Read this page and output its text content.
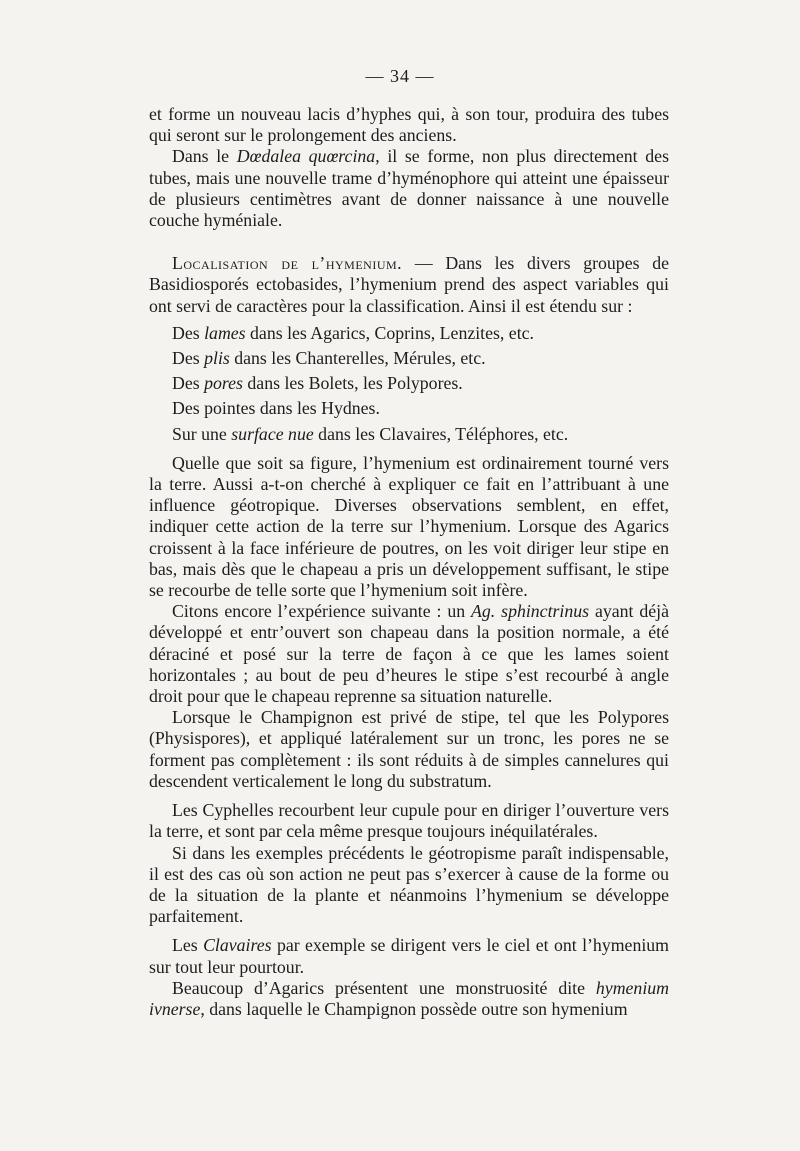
— 34 —

et forme un nouveau lacis d’hyphes qui, à son tour, produira des tubes qui seront sur le prolongement des anciens.

Dans le Dœdalea quœrcina, il se forme, non plus directement des tubes, mais une nouvelle trame d’hyménophore qui atteint une épaisseur de plusieurs centimètres avant de donner naissance à une nouvelle couche hyméniale.

Localisation de l’hymenium. — Dans les divers groupes de Basidiosporés ectobasides, l’hymenium prend des aspect variables qui ont servi de caractères pour la classification. Ainsi il est étendu sur :

Des lames dans les Agarics, Coprins, Lenzites, etc.

Des plis dans les Chanterelles, Mérules, etc.

Des pores dans les Bolets, les Polypores.

Des pointes dans les Hydnes.

Sur une surface nue dans les Clavaires, Téléphores, etc.

Quelle que soit sa figure, l’hymenium est ordinairement tourné vers la terre. Aussi a-t-on cherché à expliquer ce fait en l’attribuant à une influence géotropique. Diverses observations semblent, en effet, indiquer cette action de la terre sur l’hymenium. Lorsque des Agarics croissent à la face inférieure de poutres, on les voit diriger leur stipe en bas, mais dès que le chapeau a pris un développement suffisant, le stipe se recourbe de telle sorte que l’hymenium soit infère.

Citons encore l’expérience suivante : un Ag. sphinctrinus ayant déjà développé et entr’ouvert son chapeau dans la position normale, a été déraciné et posé sur la terre de façon à ce que les lames soient horizontales ; au bout de peu d’heures le stipe s’est recourbé à angle droit pour que le chapeau reprenne sa situation naturelle.

Lorsque le Champignon est privé de stipe, tel que les Polypores (Physispores), et appliqué latéralement sur un tronc, les pores ne se forment pas complètement : ils sont réduits à de simples cannelures qui descendent verticalement le long du substratum.

Les Cyphelles recourbent leur cupule pour en diriger l’ouverture vers la terre, et sont par cela même presque toujours inéquilatérales.

Si dans les exemples précédents le géotropisme paraît indispensable, il est des cas où son action ne peut pas s’exercer à cause de la forme ou de la situation de la plante et néanmoins l’hymenium se développe parfaitement.

Les Clavaires par exemple se dirigent vers le ciel et ont l’hymenium sur tout leur pourtour.

Beaucoup d’Agarics présentent une monstruosité dite hymenium ivnerse, dans laquelle le Champignon possède outre son hymenium
